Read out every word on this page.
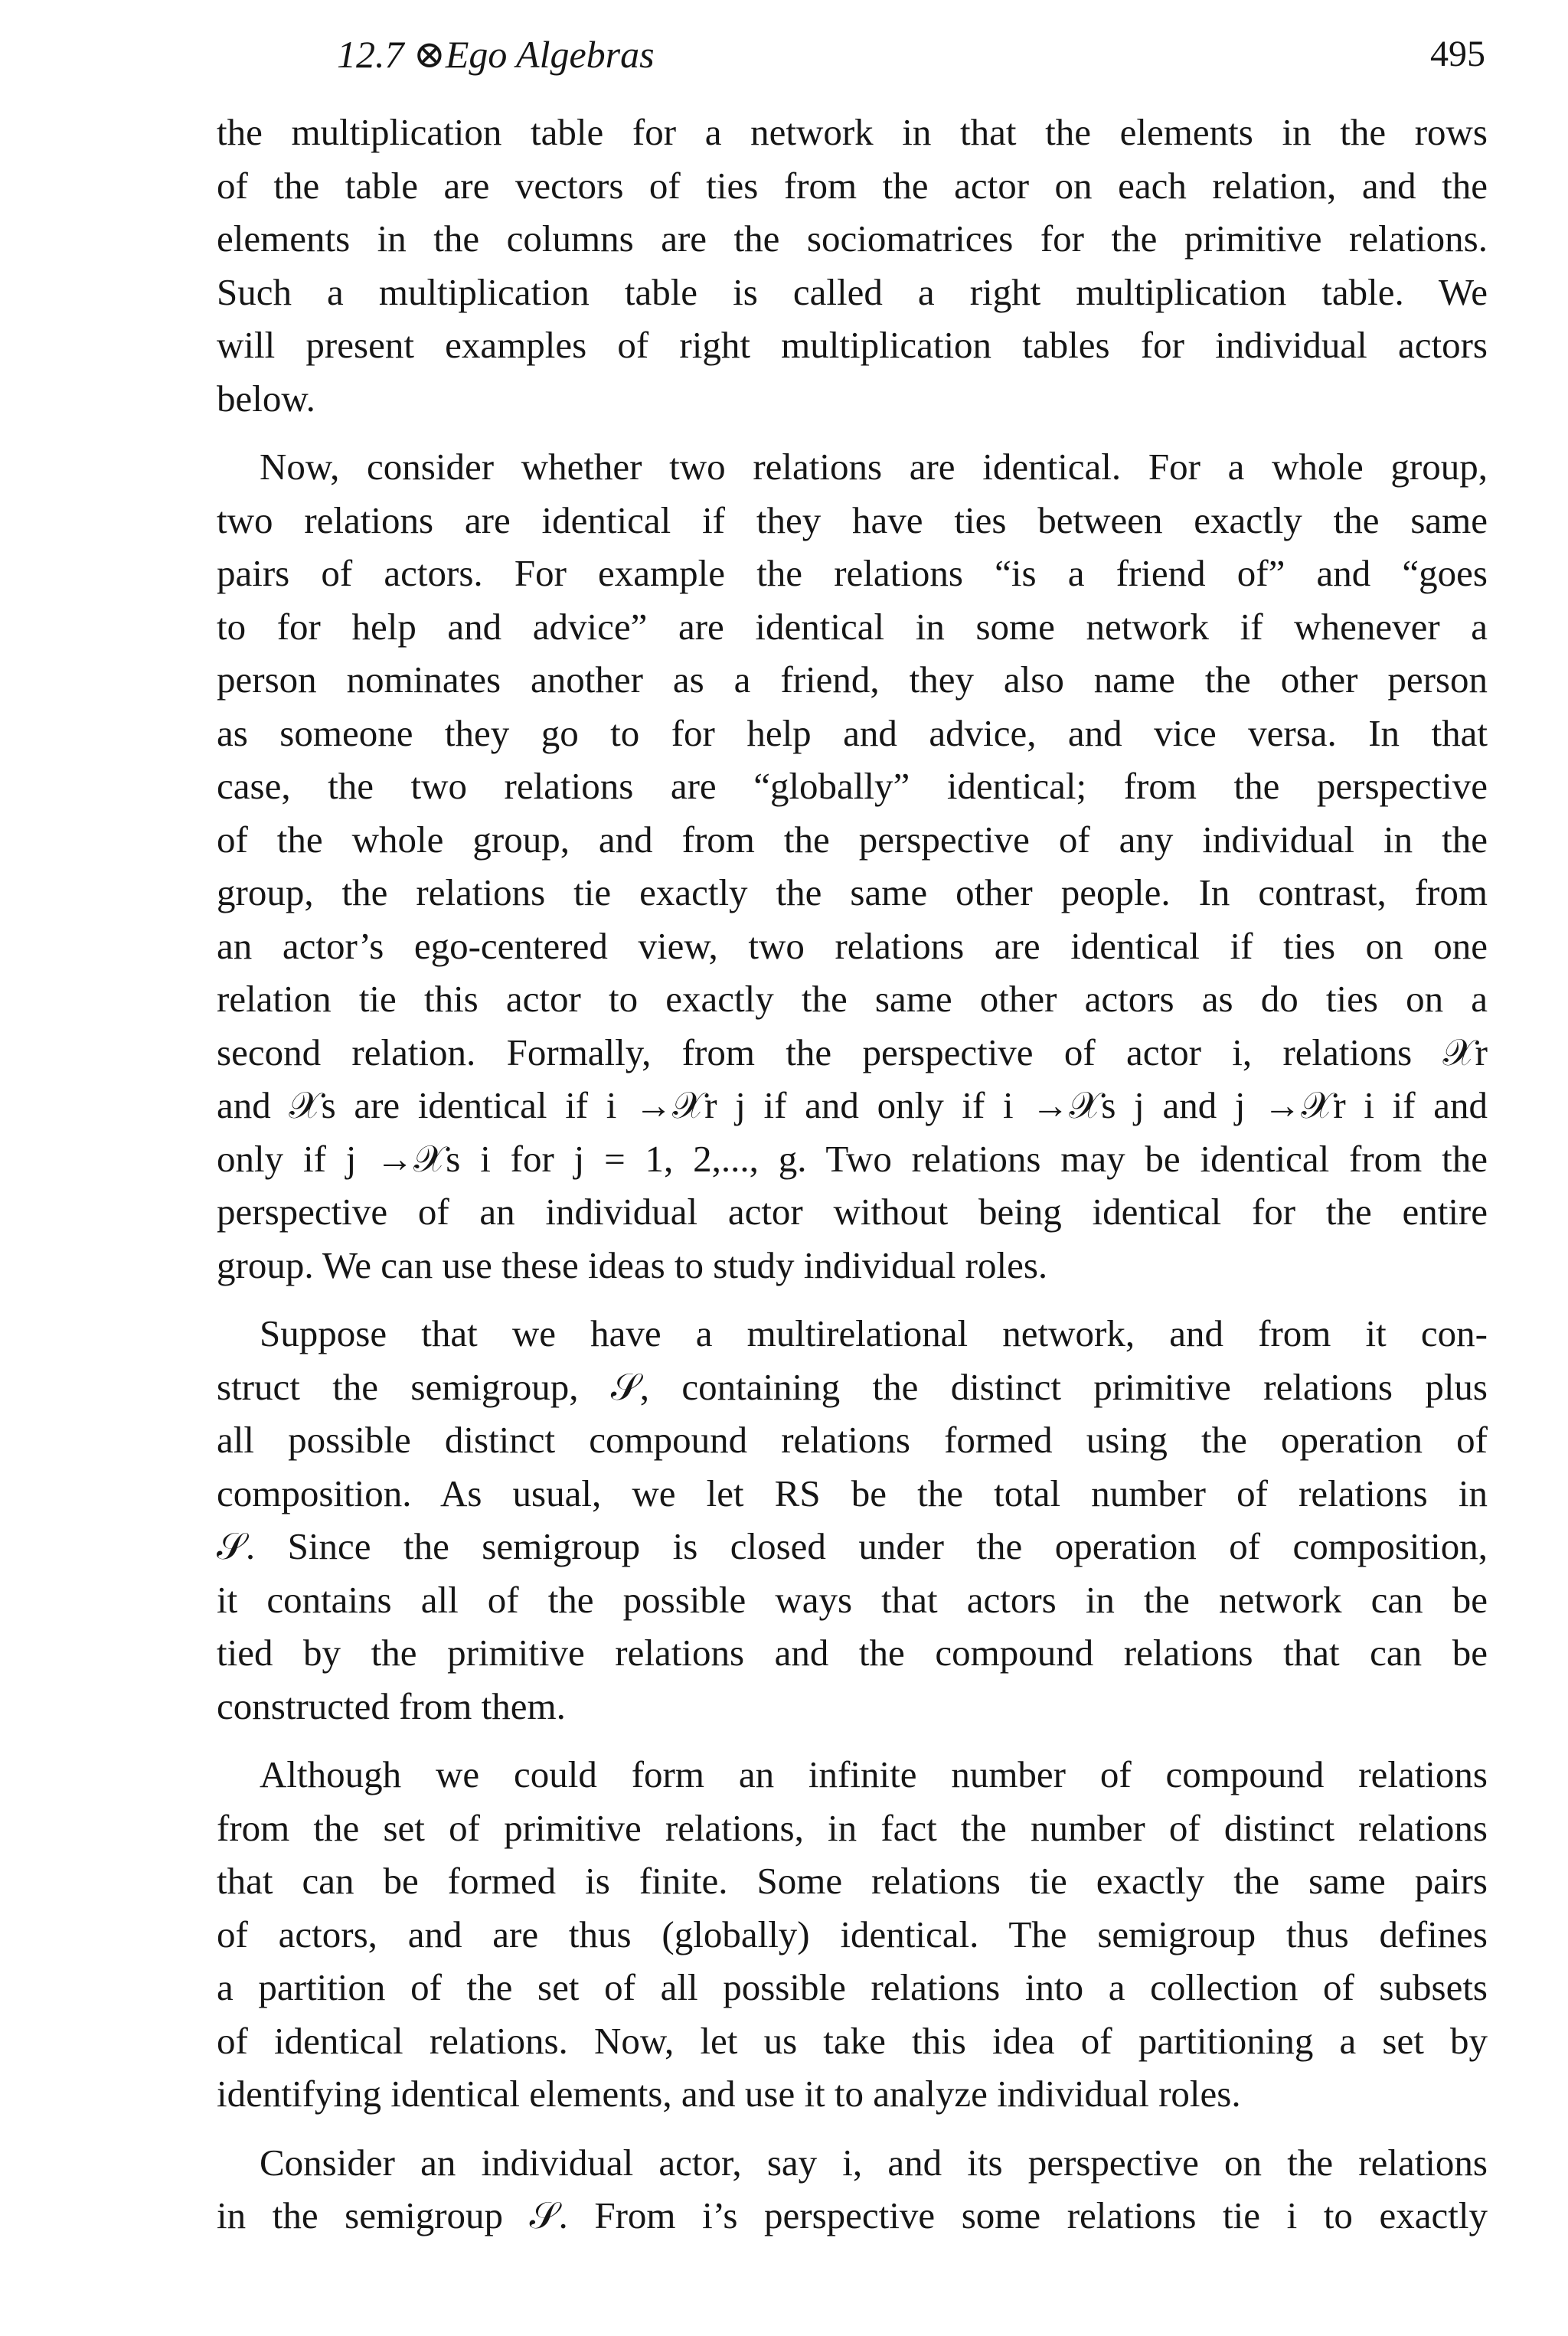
12.7 ⊗Ego Algebras	495

the multiplication table for a network in that the elements in the rows
of the table are vectors of ties from the actor on each relation, and the
elements in the columns are the sociomatrices for the primitive relations.
Such a multiplication table is called a right multiplication table. We
will present examples of right multiplication tables for individual actors
below.

Now, consider whether two relations are identical. For a whole group,
two relations are identical if they have ties between exactly the same
pairs of actors. For example the relations “is a friend of” and “goes
to for help and advice” are identical in some network if whenever a
person nominates another as a friend, they also name the other person
as someone they go to for help and advice, and vice versa. In that
case, the two relations are “globally” identical; from the perspective
of the whole group, and from the perspective of any individual in the
group, the relations tie exactly the same other people. In contrast, from
an actor’s ego-centered view, two relations are identical if ties on one
relation tie this actor to exactly the same other actors as do ties on a
second relation. Formally, from the perspective of actor i, relations 𝒳r
and 𝒳s are identical if i →𝒳r j if and only if i →𝒳s j and j →𝒳r i if and
only if j →𝒳s i for j = 1, 2,..., g. Two relations may be identical from the
perspective of an individual actor without being identical for the entire
group. We can use these ideas to study individual roles.

Suppose that we have a multirelational network, and from it con-
struct the semigroup, 𝒮, containing the distinct primitive relations plus
all possible distinct compound relations formed using the operation of
composition. As usual, we let RS be the total number of relations in
𝒮. Since the semigroup is closed under the operation of composition,
it contains all of the possible ways that actors in the network can be
tied by the primitive relations and the compound relations that can be
constructed from them.

Although we could form an infinite number of compound relations
from the set of primitive relations, in fact the number of distinct relations
that can be formed is finite. Some relations tie exactly the same pairs
of actors, and are thus (globally) identical. The semigroup thus defines
a partition of the set of all possible relations into a collection of subsets
of identical relations. Now, let us take this idea of partitioning a set by
identifying identical elements, and use it to analyze individual roles.

Consider an individual actor, say i, and its perspective on the relations
in the semigroup 𝒮. From i’s perspective some relations tie i to exactly
